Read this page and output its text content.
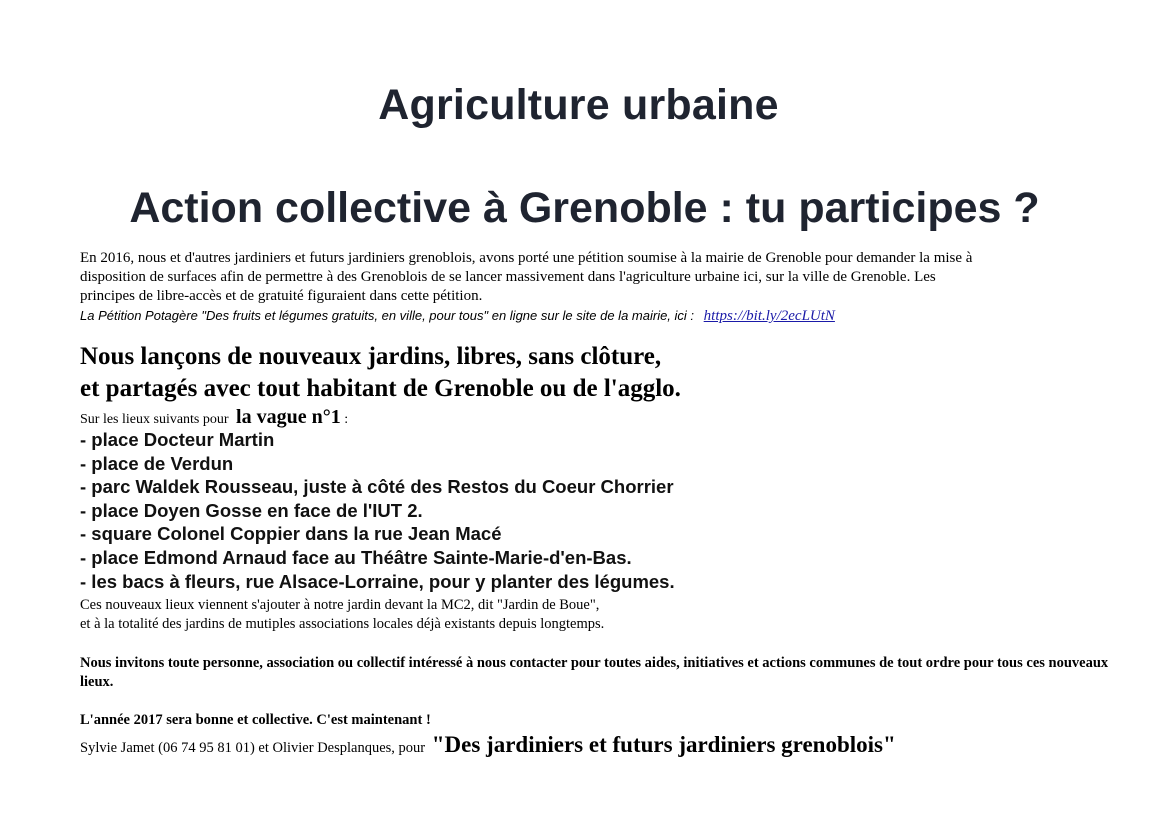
Agriculture urbaine
Action collective à Grenoble : tu participes ?
En 2016, nous et d'autres jardiniers et futurs jardiniers grenoblois, avons porté une pétition soumise à la mairie de Grenoble pour demander la mise à
disposition de surfaces afin de permettre à des Grenoblois de se lancer massivement dans l'agriculture urbaine ici, sur la ville de Grenoble. Les
principes de libre-accès et de gratuité figuraient dans cette pétition.
La Pétition Potagère "Des fruits et légumes gratuits, en ville, pour tous" en ligne sur le site de la mairie, ici : https://bit.ly/2ecLUtN
Nous lançons de nouveaux jardins, libres, sans clôture,
et partagés avec tout habitant de Grenoble ou de l'agglo.
Sur les lieux suivants pour la vague n°1 :
- place Docteur Martin
- place de Verdun
- parc Waldek Rousseau, juste à côté des Restos du Coeur Chorrier
- place Doyen Gosse en face de l'IUT 2.
- square Colonel Coppier dans la rue Jean Macé
- place Edmond Arnaud face au Théâtre Sainte-Marie-d'en-Bas.
- les bacs à fleurs, rue Alsace-Lorraine, pour y planter des légumes.
Ces nouveaux lieux viennent s'ajouter à notre jardin devant la MC2, dit "Jardin de Boue",
et à la totalité des jardins de mutiples associations locales déjà existants depuis longtemps.
Nous invitons toute personne, association ou collectif intéressé à nous contacter pour toutes aides, initiatives et actions communes de tout ordre pour tous ces nouveaux lieux.
L'année 2017 sera bonne et collective. C'est maintenant !
Sylvie Jamet (06 74 95 81 01) et Olivier Desplanques, pour "Des jardiniers et futurs jardiniers grenoblois"
